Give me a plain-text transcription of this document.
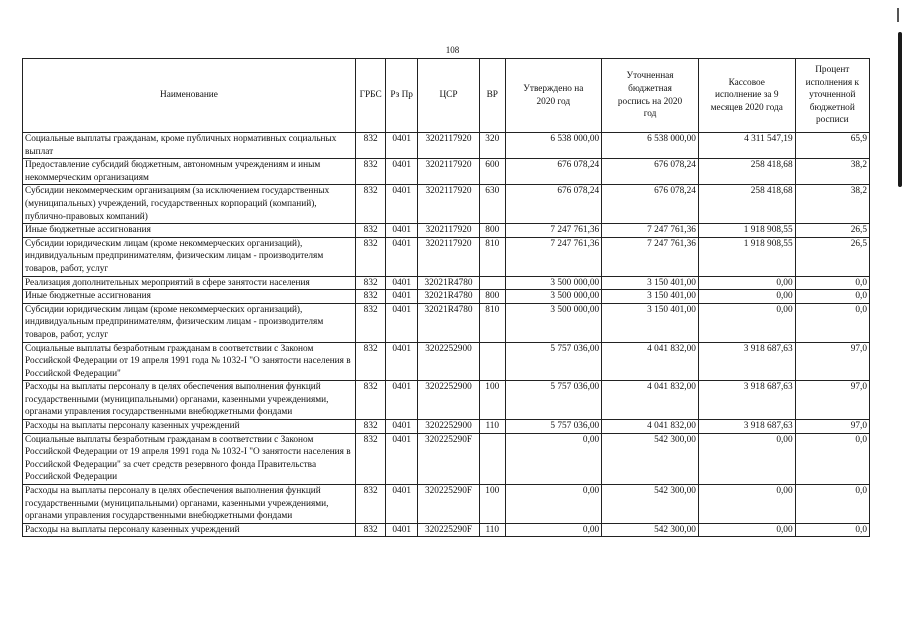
108
Наименование	ГРБС	Рз Пр	ЦСР	ВР	Утверждено на 2020 год	Уточненная бюджетная роспись на 2020 год	Кассовое исполнение за 9 месяцев 2020 года	Процент исполнения к уточненной бюджетной росписи
Социальные выплаты гражданам, кроме публичных нормативных социальных выплат	832	0401	3202117920	320	6 538 000,00	6 538 000,00	4 311 547,19	65,9
Предоставление субсидий бюджетным, автономным учреждениям и иным некоммерческим организациям	832	0401	3202117920	600	676 078,24	676 078,24	258 418,68	38,2
Субсидии некоммерческим организациям (за исключением государственных (муниципальных) учреждений, государственных корпораций (компаний), публично-правовых компаний)	832	0401	3202117920	630	676 078,24	676 078,24	258 418,68	38,2
Иные бюджетные ассигнования	832	0401	3202117920	800	7 247 761,36	7 247 761,36	1 918 908,55	26,5
Субсидии юридическим лицам (кроме некоммерческих организаций), индивидуальным предпринимателям, физическим лицам - производителям товаров, работ, услуг	832	0401	3202117920	810	7 247 761,36	7 247 761,36	1 918 908,55	26,5
Реализация дополнительных мероприятий в сфере занятости населения	832	0401	32021R4780		3 500 000,00	3 150 401,00	0,00	0,0
Иные бюджетные ассигнования	832	0401	32021R4780	800	3 500 000,00	3 150 401,00	0,00	0,0
Субсидии юридическим лицам (кроме некоммерческих организаций), индивидуальным предпринимателям, физическим лицам - производителям товаров, работ, услуг	832	0401	32021R4780	810	3 500 000,00	3 150 401,00	0,00	0,0
Социальные выплаты безработным гражданам в соответствии с Законом Российской Федерации от 19 апреля 1991 года № 1032-I "О занятости населения в Российской Федерации"	832	0401	3202252900		5 757 036,00	4 041 832,00	3 918 687,63	97,0
Расходы на выплаты персоналу в целях обеспечения выполнения функций государственными (муниципальными) органами, казенными учреждениями, органами управления государственными внебюджетными фондами	832	0401	3202252900	100	5 757 036,00	4 041 832,00	3 918 687,63	97,0
Расходы на выплаты персоналу казенных учреждений	832	0401	3202252900	110	5 757 036,00	4 041 832,00	3 918 687,63	97,0
Социальные выплаты безработным гражданам в соответствии с Законом Российской Федерации от 19 апреля 1991 года № 1032-I "О занятости населения в Российской Федерации" за счет средств резервного фонда Правительства Российской Федерации	832	0401	320225290F		0,00	542 300,00	0,00	0,0
Расходы на выплаты персоналу в целях обеспечения выполнения функций государственными (муниципальными) органами, казенными учреждениями, органами управления государственными внебюджетными фондами	832	0401	320225290F	100	0,00	542 300,00	0,00	0,0
Расходы на выплаты персоналу казенных учреждений	832	0401	320225290F	110	0,00	542 300,00	0,00	0,0
